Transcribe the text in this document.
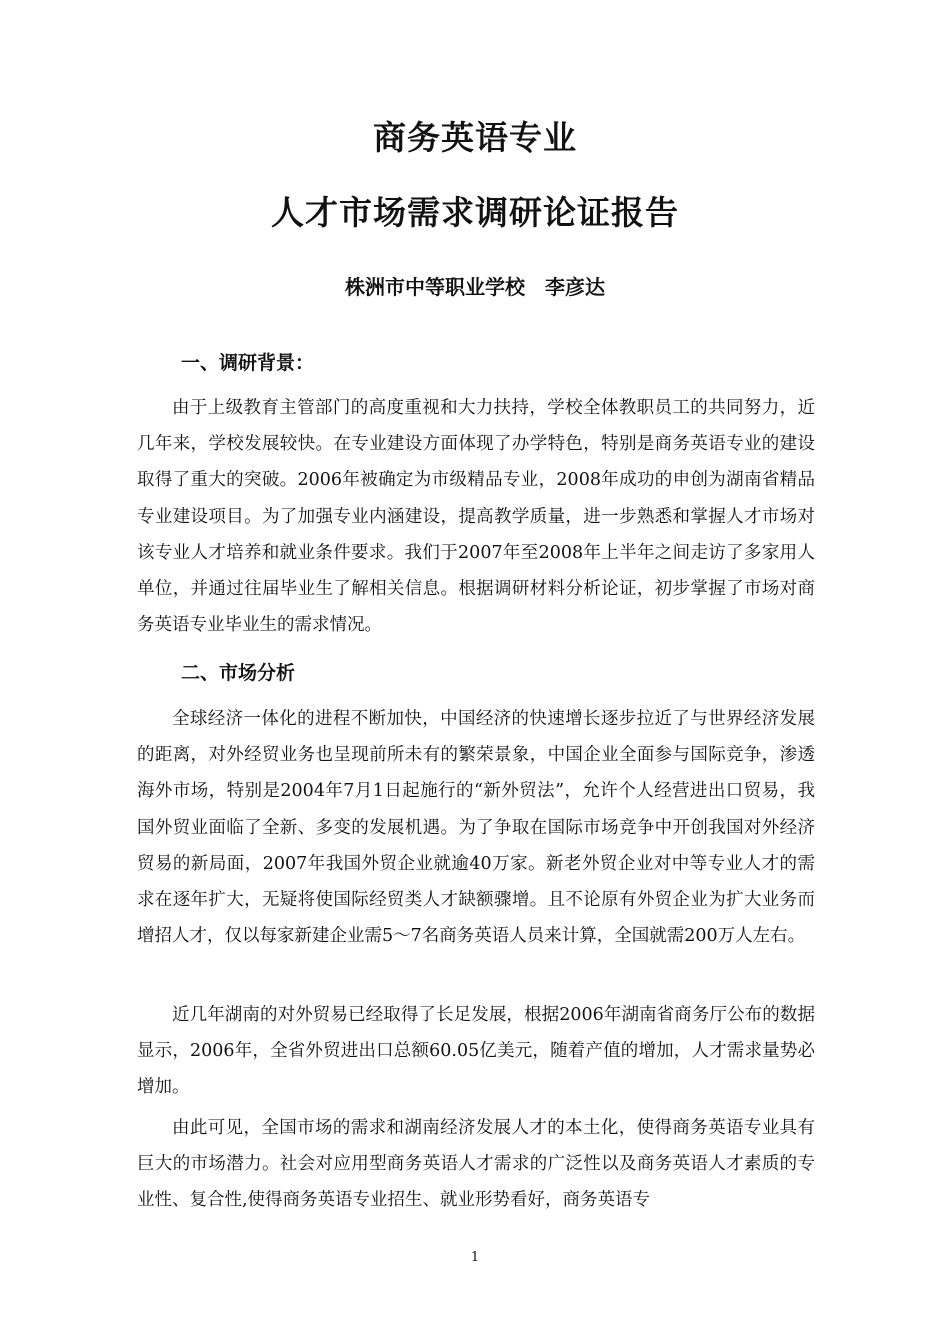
商务英语专业
人才市场需求调研论证报告
株洲市中等职业学校　李彦达
一、调研背景：

由于上级教育主管部门的高度重视和大力扶持，学校全体教职员工的共同努力，近几年来，学校发展较快。在专业建设方面体现了办学特色，特别是商务英语专业的建设取得了重大的突破。2006年被确定为市级精品专业，2008年成功的申创为湖南省精品专业建设项目。为了加强专业内涵建设，提高教学质量，进一步熟悉和掌握人才市场对该专业人才培养和就业条件要求。我们于2007年至2008年上半年之间走访了多家用人单位，并通过往届毕业生了解相关信息。根据调研材料分析论证，初步掌握了市场对商务英语专业毕业生的需求情况。

二、市场分析

全球经济一体化的进程不断加快，中国经济的快速增长逐步拉近了与世界经济发展的距离，对外经贸业务也呈现前所未有的繁荣景象，中国企业全面参与国际竞争，渗透海外市场，特别是2004年7月1日起施行的“新外贸法”，允许个人经营进出口贸易，我国外贸业面临了全新、多变的发展机遇。为了争取在国际市场竞争中开创我国对外经济贸易的新局面，2007年我国外贸企业就逾40万家。新老外贸企业对中等专业人才的需求在逐年扩大，无疑将使国际经贸类人才缺额骤增。且不论原有外贸企业为扩大业务而增招人才，仅以每家新建企业需5～7名商务英语人员来计算，全国就需200万人左右。

近几年湖南的对外贸易已经取得了长足发展，根据2006年湖南省商务厅公布的数据显示，2006年，全省外贸进出口总额60.05亿美元，随着产值的增加，人才需求量势必增加。

由此可见，全国市场的需求和湖南经济发展人才的本土化，使得商务英语专业具有巨大的市场潜力。社会对应用型商务英语人才需求的广泛性以及商务英语人才素质的专业性、复合性,使得商务英语专业招生、就业形势看好，商务英语专

1
